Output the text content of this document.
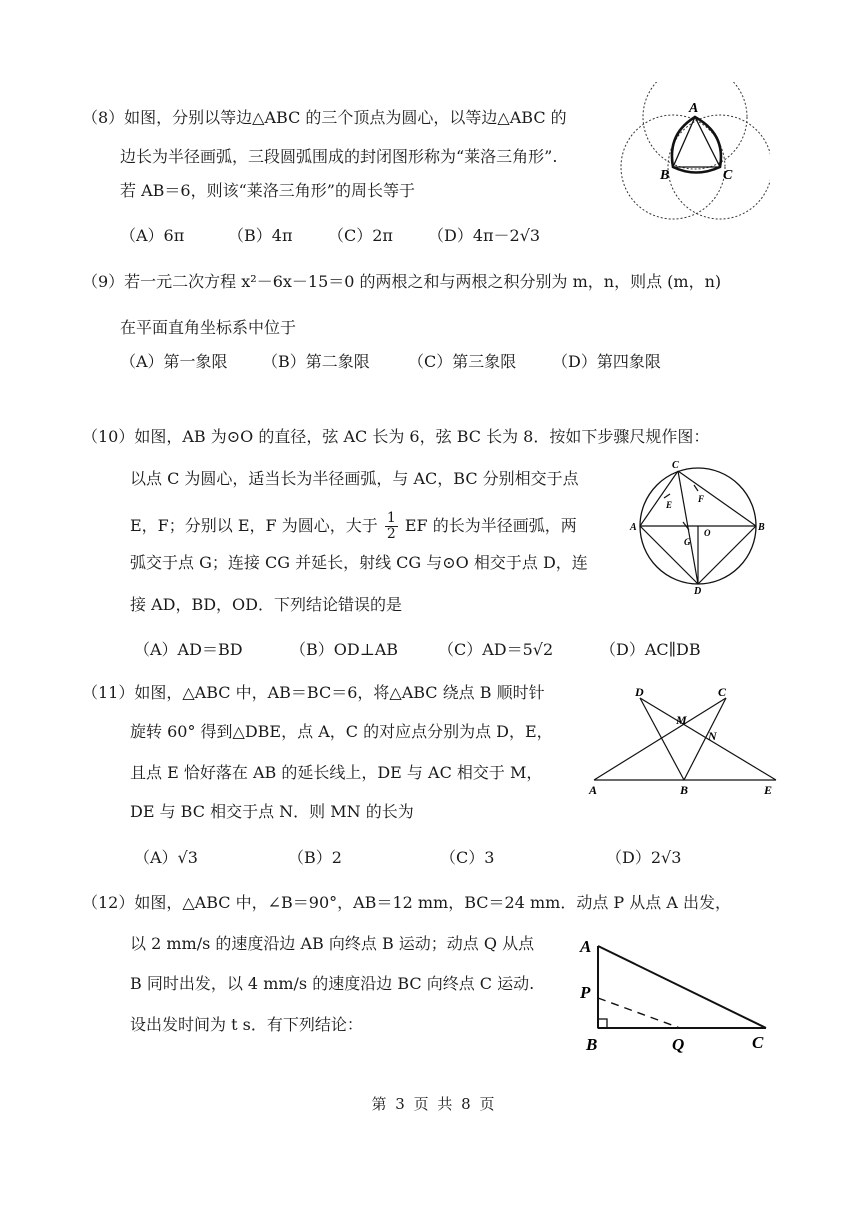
（8）如图，分别以等边△ABC 的三个顶点为圆心，以等边△ABC 的
边长为半径画弧，三段圆弧围成的封闭图形称为“莱洛三角形”.
若 AB＝6，则该“莱洛三角形”的周长等于
（A）6π	（B）4π （C）2π （D）4π－2√3
A
B	C
（9）若一元二次方程 x²－6x－15＝0 的两根之和与两根之积分别为 m，n，则点 (m，n)
在平面直角坐标系中位于
（A）第一象限 （B）第二象限 （C）第三象限 （D）第四象限
（10）如图，AB 为⊙O 的直径，弦 AC 长为 6，弦 BC 长为 8．按如下步骤尺规作图：
以点 C 为圆心，适当长为半径画弧，与 AC，BC 分别相交于点
E，F；分别以 E，F 为圆心，大于 $\frac{1}{2}$ EF 的长为半径画弧，两
弧交于点 G；连接 CG 并延长，射线 CG 与⊙O 相交于点 D，连
接 AD，BD，OD．下列结论错误的是
（A）AD＝BD	（B）OD⊥AB （C）AD＝5√2	（D）AC∥DB
C
A	B
D
E
F
G
O
（11）如图，△ABC 中，AB＝BC＝6，将△ABC 绕点 B 顺时针
旋转 60° 得到△DBE，点 A，C 的对应点分别为点 D，E，
且点 E 恰好落在 AB 的延长线上，DE 与 AC 相交于 M，
DE 与 BC 相交于点 N．则 MN 的长为
（A）√3	（B）2	（C）3	（D）2√3
D	C
M
N
A	B	E
（12）如图，△ABC 中，∠B＝90°，AB＝12 mm，BC＝24 mm．动点 P 从点 A 出发，
以 2 mm/s 的速度沿边 AB 向终点 B 运动；动点 Q 从点
B 同时出发，以 4 mm/s 的速度沿边 BC 向终点 C 运动.
设出发时间为 t s．有下列结论：
A
P
B	Q	C
第 3 页 共 8 页
